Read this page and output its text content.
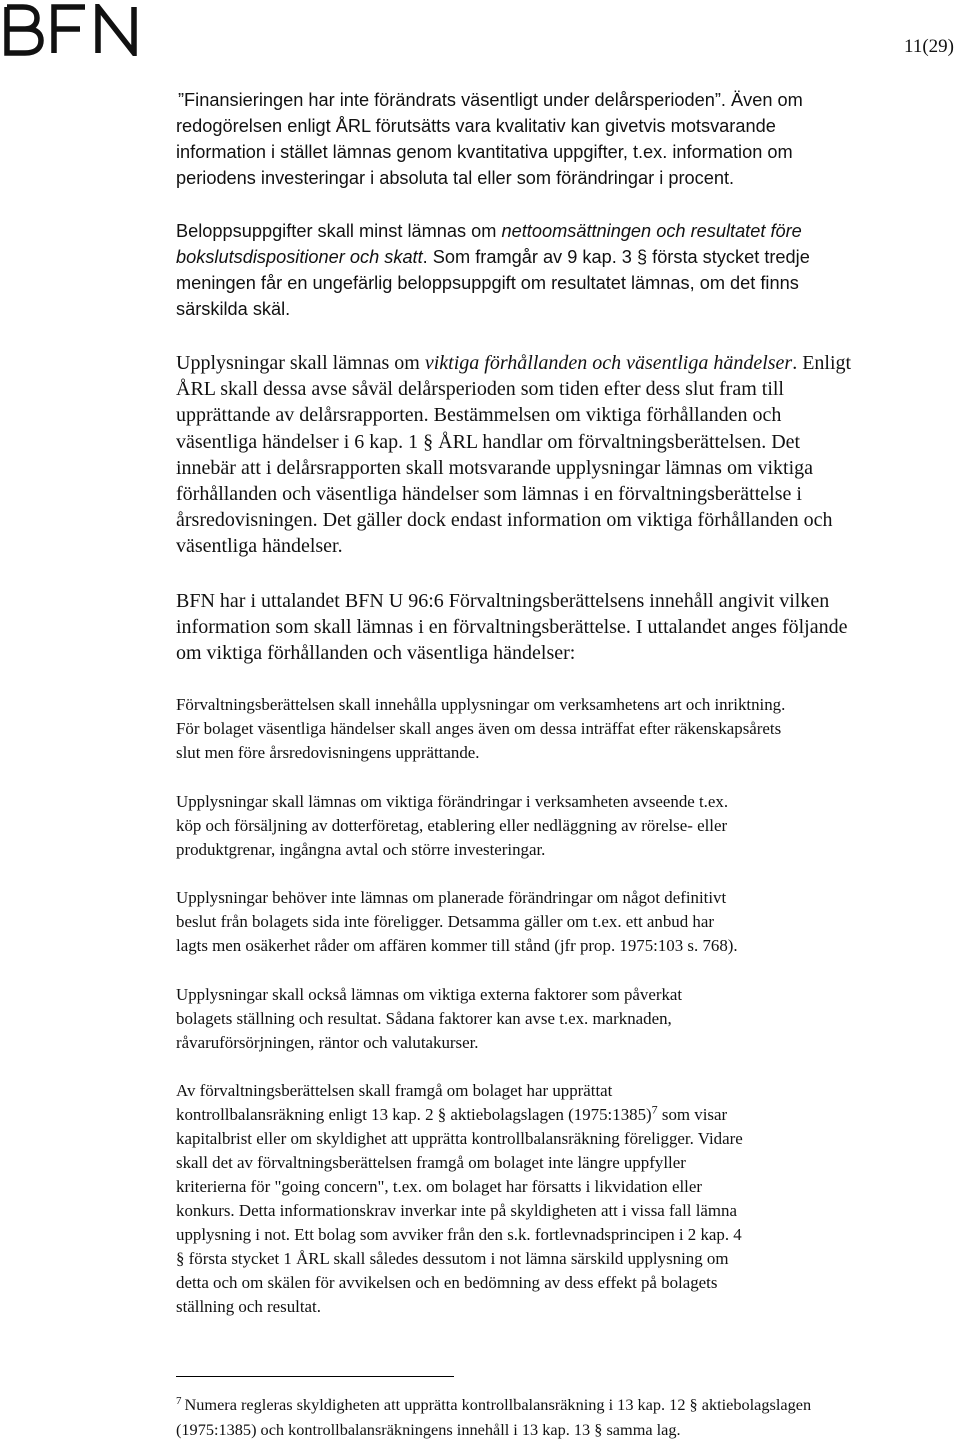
11(29)
”Finansieringen har inte förändrats väsentligt under delårsperioden”. Även om
redogörelsen enligt ÅRL förutsätts vara kvalitativ kan givetvis motsvarande
information i stället lämnas genom kvantitativa uppgifter, t.ex. information om
periodens investeringar i absoluta tal eller som förändringar i procent.
Beloppsuppgifter skall minst lämnas om nettoomsättningen och resultatet före
bokslutsdispositioner och skatt. Som framgår av 9 kap. 3 § första stycket tredje
meningen får en ungefärlig beloppsuppgift om resultatet lämnas, om det finns
särskilda skäl.
Upplysningar skall lämnas om viktiga förhållanden och väsentliga händelser. Enligt
ÅRL skall dessa avse såväl delårsperioden som tiden efter dess slut fram till
upprättande av delårsrapporten. Bestämmelsen om viktiga förhållanden och
väsentliga händelser i 6 kap. 1 § ÅRL handlar om förvaltningsberättelsen. Det
innebär att i delårsrapporten skall motsvarande upplysningar lämnas om viktiga
förhållanden och väsentliga händelser som lämnas i en förvaltningsberättelse i
årsredovisningen. Det gäller dock endast information om viktiga förhållanden och
väsentliga händelser.
BFN har i uttalandet BFN U 96:6 Förvaltningsberättelsens innehåll angivit vilken
information som skall lämnas i en förvaltningsberättelse. I uttalandet anges följande
om viktiga förhållanden och väsentliga händelser:
Förvaltningsberättelsen skall innehålla upplysningar om verksamhetens art och inriktning.
För bolaget väsentliga händelser skall anges även om dessa inträffat efter räkenskapsårets
slut men före årsredovisningens upprättande.
Upplysningar skall lämnas om viktiga förändringar i verksamheten avseende t.ex.
köp och försäljning av dotterföretag, etablering eller nedläggning av rörelse- eller
produktgrenar, ingångna avtal och större investeringar.
Upplysningar behöver inte lämnas om planerade förändringar om något definitivt
beslut från bolagets sida inte föreligger. Detsamma gäller om t.ex. ett anbud har
lagts men osäkerhet råder om affären kommer till stånd (jfr prop. 1975:103 s. 768).
Upplysningar skall också lämnas om viktiga externa faktorer som påverkat
bolagets ställning och resultat. Sådana faktorer kan avse t.ex. marknaden,
råvaruförsörjningen, räntor och valutakurser.
Av förvaltningsberättelsen skall framgå om bolaget har upprättat
kontrollbalansräkning enligt 13 kap. 2 § aktiebolagslagen (1975:1385)$^7$ som visar
kapitalbrist eller om skyldighet att upprätta kontrollbalansräkning föreligger. Vidare
skall det av förvaltningsberättelsen framgå om bolaget inte längre uppfyller
kriterierna för "going concern", t.ex. om bolaget har försatts i likvidation eller
konkurs. Detta informationskrav inverkar inte på skyldigheten att i vissa fall lämna
upplysning i not. Ett bolag som avviker från den s.k. fortlevnadsprincipen i 2 kap. 4
§ första stycket 1 ÅRL skall således dessutom i not lämna särskild upplysning om
detta och om skälen för avvikelsen och en bedömning av dess effekt på bolagets
ställning och resultat.
$^7$ Numera regleras skyldigheten att upprätta kontrollbalansräkning i 13 kap. 12 § aktiebolagslagen
(1975:1385) och kontrollbalansräkningens innehåll i 13 kap. 13 § samma lag.
